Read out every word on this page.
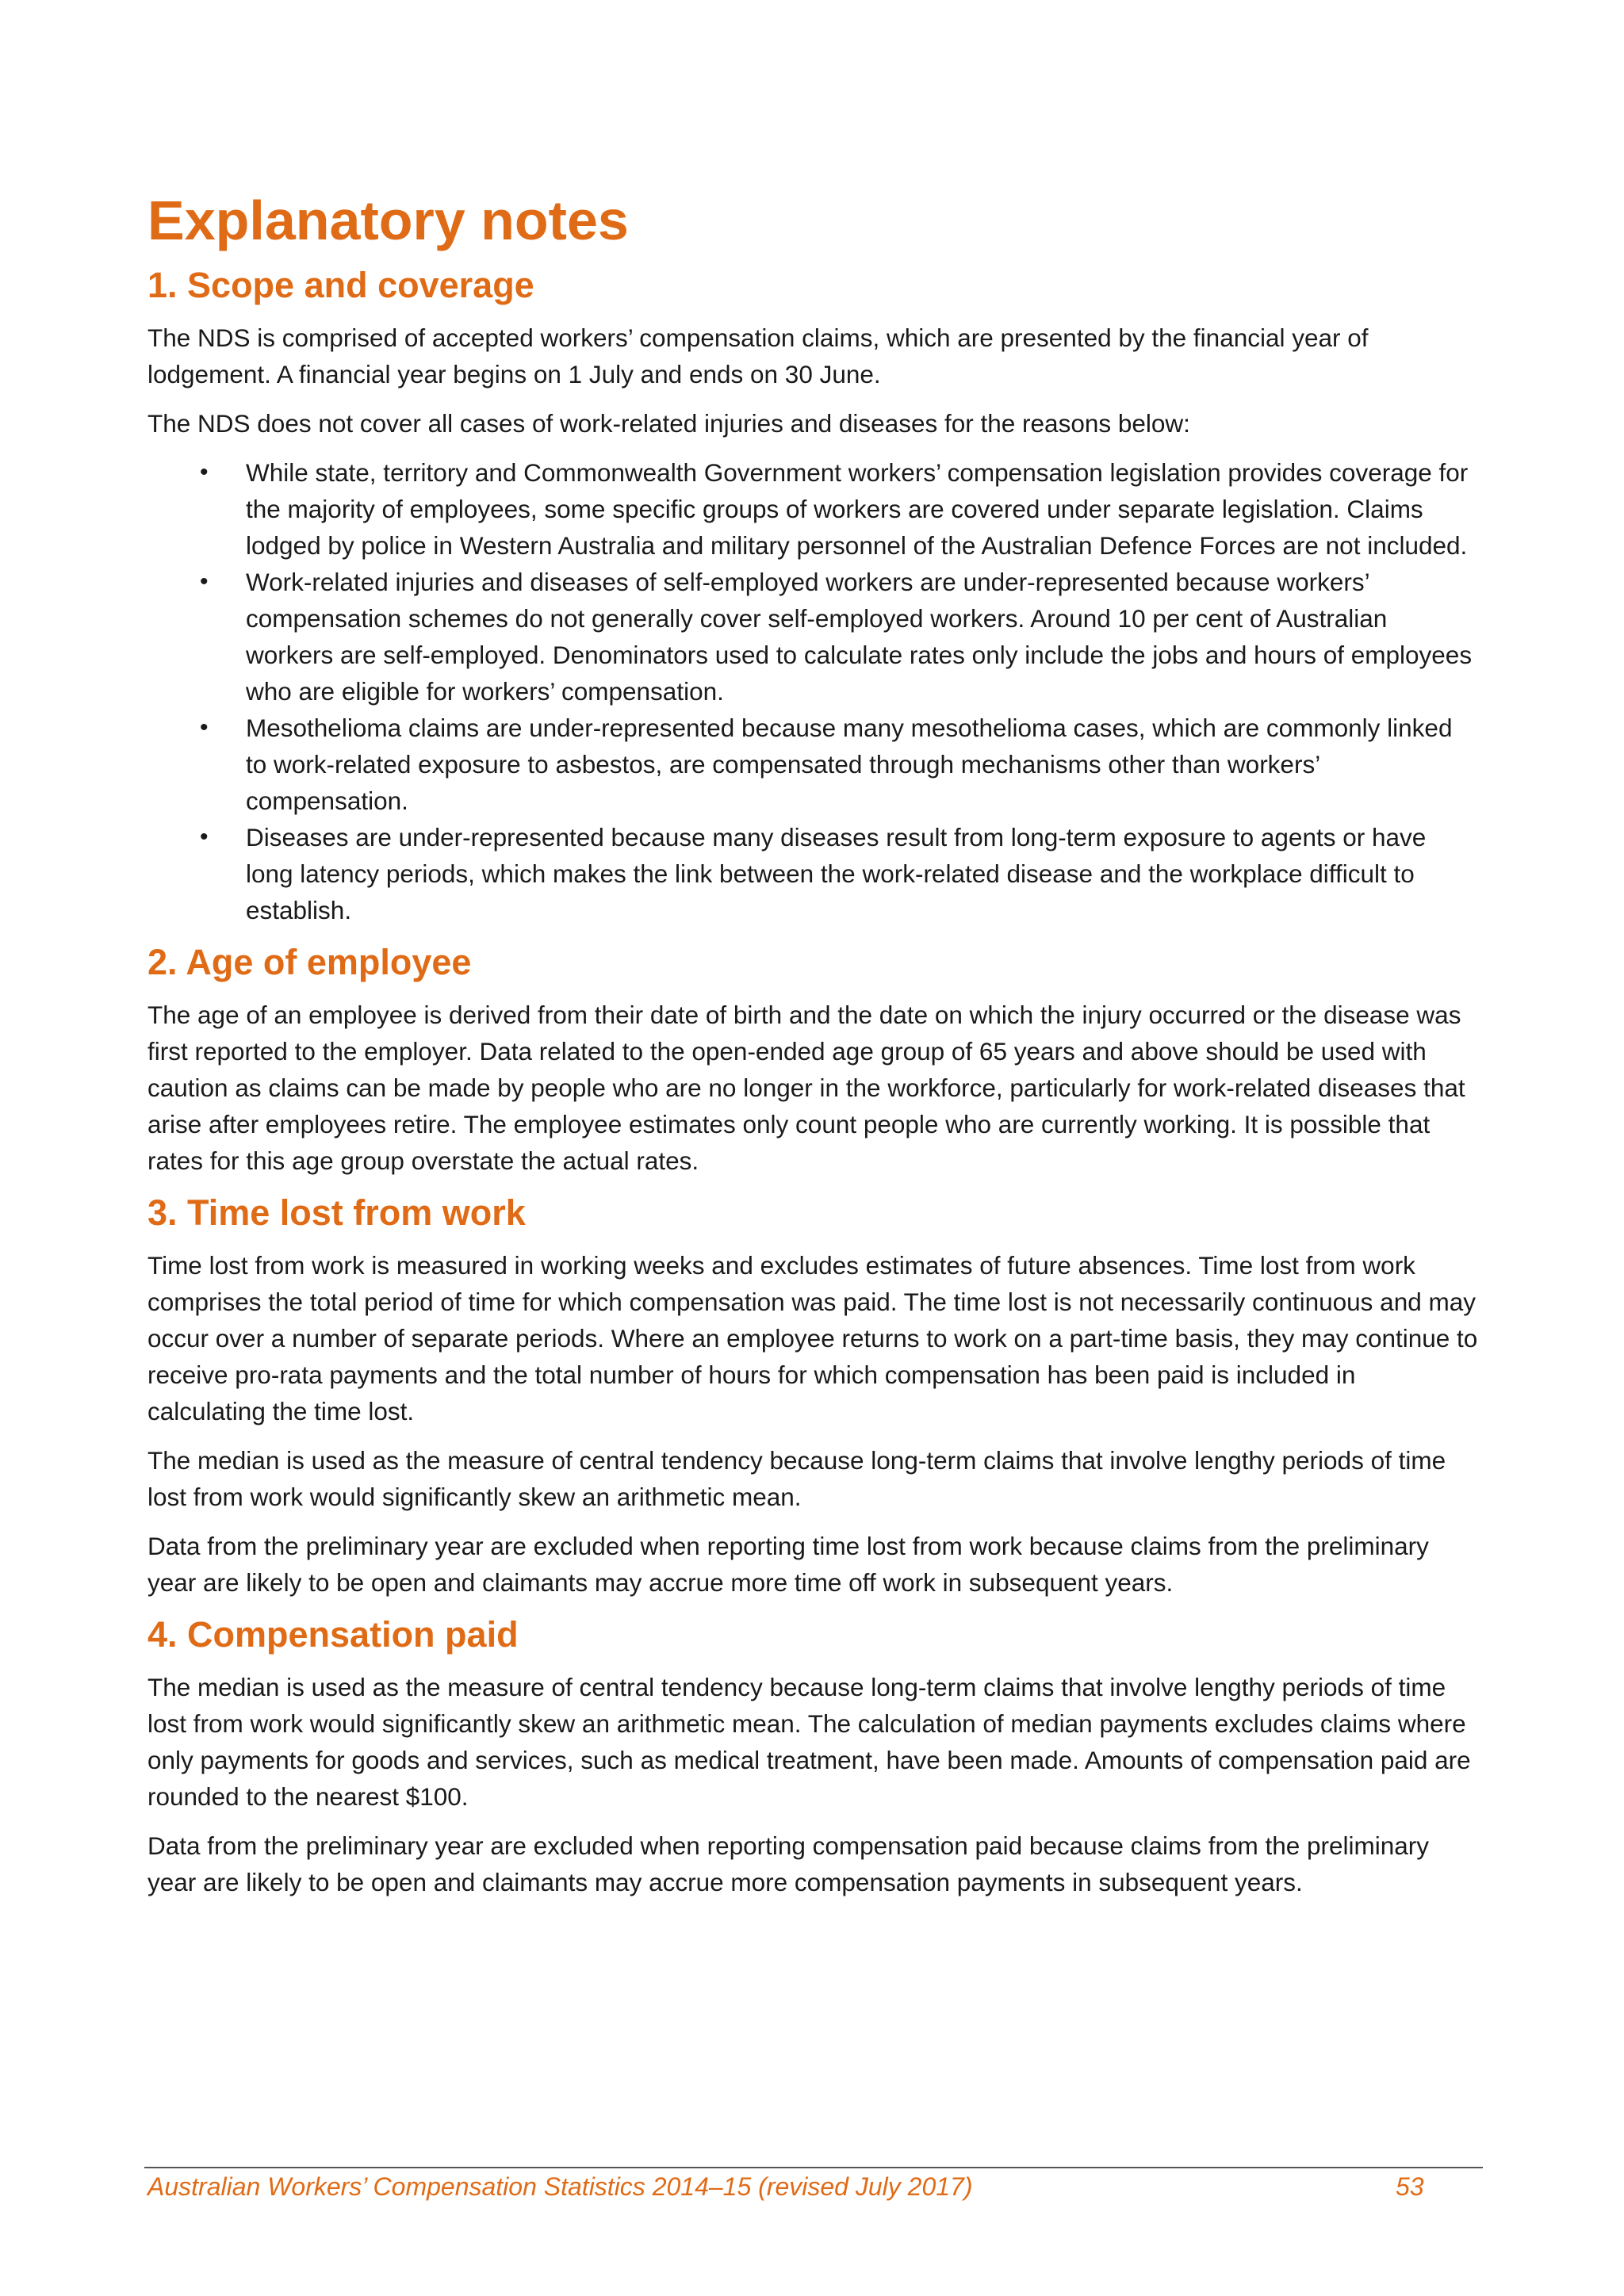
Explanatory notes
1. Scope and coverage

The NDS is comprised of accepted workers’ compensation claims, which are presented by the financial year of lodgement. A financial year begins on 1 July and ends on 30 June.

The NDS does not cover all cases of work-related injuries and diseases for the reasons below:

• While state, territory and Commonwealth Government workers’ compensation legislation provides coverage for the majority of employees, some specific groups of workers are covered under separate legislation. Claims lodged by police in Western Australia and military personnel of the Australian Defence Forces are not included.
• Work-related injuries and diseases of self-employed workers are under-represented because workers’ compensation schemes do not generally cover self-employed workers. Around 10 per cent of Australian workers are self-employed. Denominators used to calculate rates only include the jobs and hours of employees who are eligible for workers’ compensation.
• Mesothelioma claims are under-represented because many mesothelioma cases, which are commonly linked to work-related exposure to asbestos, are compensated through mechanisms other than workers’ compensation.
• Diseases are under-represented because many diseases result from long-term exposure to agents or have long latency periods, which makes the link between the work-related disease and the workplace difficult to establish.
2. Age of employee

The age of an employee is derived from their date of birth and the date on which the injury occurred or the disease was first reported to the employer. Data related to the open-ended age group of 65 years and above should be used with caution as claims can be made by people who are no longer in the workforce, particularly for work-related diseases that arise after employees retire. The employee estimates only count people who are currently working. It is possible that rates for this age group overstate the actual rates.

3. Time lost from work

Time lost from work is measured in working weeks and excludes estimates of future absences. Time lost from work comprises the total period of time for which compensation was paid. The time lost is not necessarily continuous and may occur over a number of separate periods. Where an employee returns to work on a part-time basis, they may continue to receive pro-rata payments and the total number of hours for which compensation has been paid is included in calculating the time lost.

The median is used as the measure of central tendency because long-term claims that involve lengthy periods of time lost from work would significantly skew an arithmetic mean.

Data from the preliminary year are excluded when reporting time lost from work because claims from the preliminary year are likely to be open and claimants may accrue more time off work in subsequent years.

4. Compensation paid

The median is used as the measure of central tendency because long-term claims that involve lengthy periods of time lost from work would significantly skew an arithmetic mean. The calculation of median payments excludes claims where only payments for goods and services, such as medical treatment, have been made. Amounts of compensation paid are rounded to the nearest $100.

Data from the preliminary year are excluded when reporting compensation paid because claims from the preliminary year are likely to be open and claimants may accrue more compensation payments in subsequent years.

Australian Workers’ Compensation Statistics 2014–15 (revised July 2017)	53
